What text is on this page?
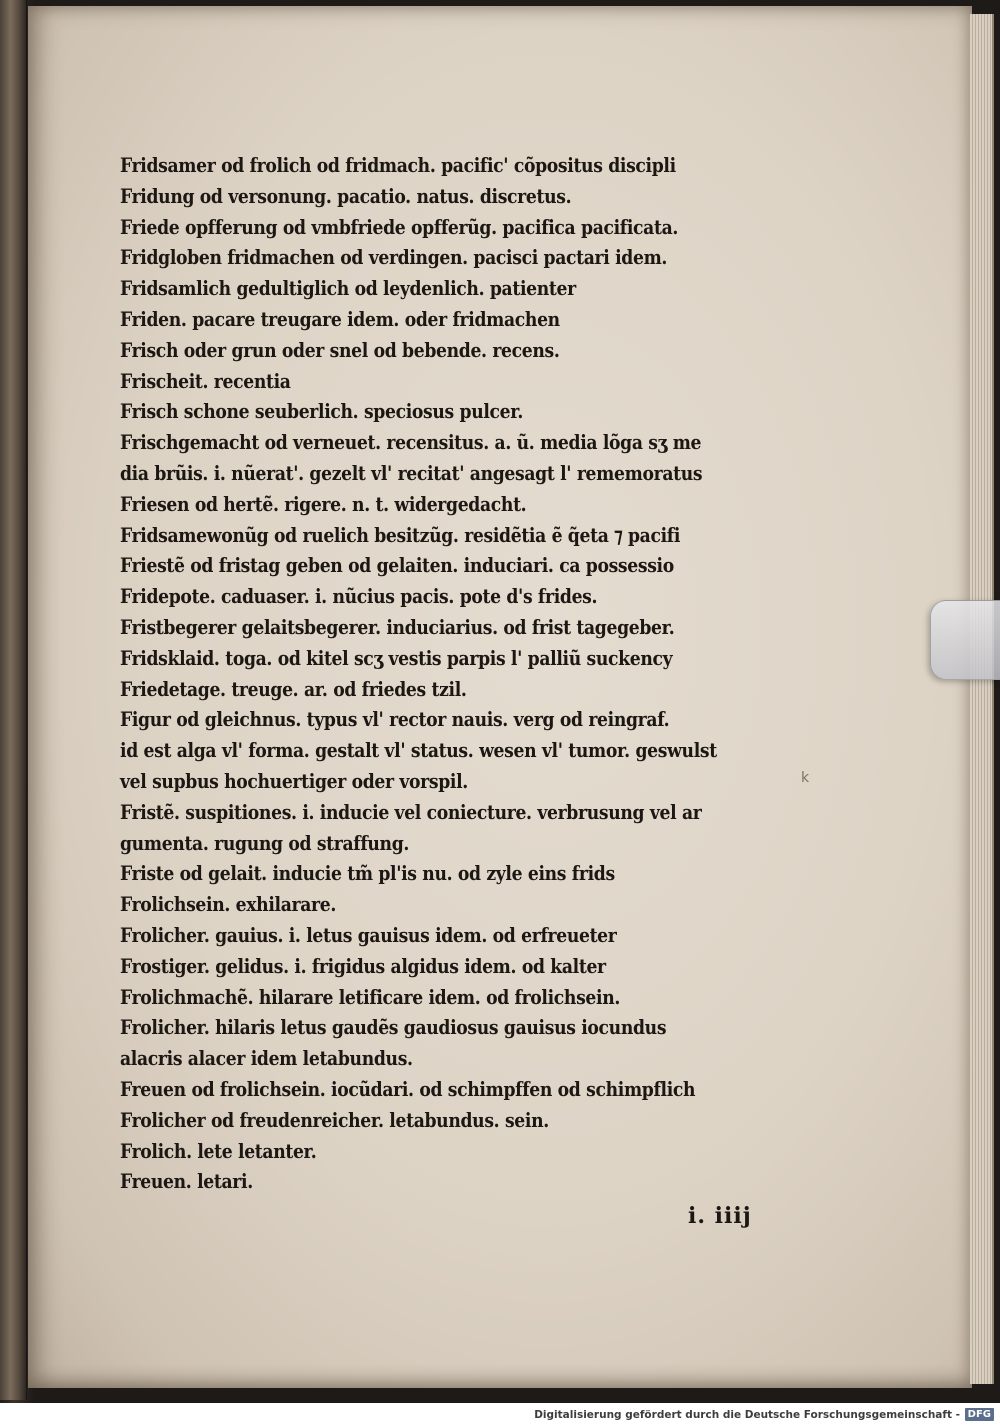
Fridsamer od frolich od fridmach. pacific' cõpositus discipli
Fridung od versonung. pacatio. natus. discretus.
Friede opfferung od vmbfriede opfferũg. pacifica pacificata.
Fridgloben fridmachen od verdingen. pacisci pactari idem.
Fridsamlich gedultiglich od leydenlich. patienter
Friden. pacare treugare idem. oder fridmachen
Frisch oder grun oder snel od bebende. recens.
Frischeit. recentia
Frisch schone seuberlich. speciosus pulcer.
Frischgemacht od verneuet. recensitus. a. ũ. media lõga sʒ me
dia brũis. i. nũerat'. gezelt vl' recitat' angesagt l' rememoratus
Friesen od hertẽ. rigere. n. t. widergedacht.
Fridsamewonũg od ruelich besitzũg. residẽtia ẽ q̃eta ⁊ pacifi
Friestẽ od fristag geben od gelaiten. induciari. ca possessio
Fridepote. caduaser. i. nũcius pacis. pote d's frides.
Fristbegerer gelaitsbegerer. induciarius. od frist tagegeber.
Fridsklaid. toga. od kitel scʒ vestis parpis l' palliũ suckency
Friedetage. treuge. ar. od friedes tzil.
Figur od gleichnus. typus vl' rector nauis. verg od reingraf.
id est alga vl' forma. gestalt vl' status. wesen vl' tumor. geswulst
vel supbus hochuertiger oder vorspil.
Fristẽ. suspitiones. i. inducie vel coniecture. verbrusung vel ar
gumenta. rugung od straffung.
Friste od gelait. inducie tm̃ pl'is nu. od zyle eins frids
Frolichsein. exhilarare.
Frolicher. gauius. i. letus gauisus idem. od erfreueter
Frostiger. gelidus. i. frigidus algidus idem. od kalter
Frolichmachẽ. hilarare letificare idem. od frolichsein.
Frolicher. hilaris letus gaudẽs gaudiosus gauisus iocundus
alacris alacer idem letabundus.
Freuen od frolichsein. iocũdari. od schimpffen od schimpflich
Frolicher od freudenreicher. letabundus. sein.
Frolich. lete letanter.
Freuen. letari.
k
i. iiij
Digitalisierung gefördert durch die Deutsche Forschungsgemeinschaft - DFG
